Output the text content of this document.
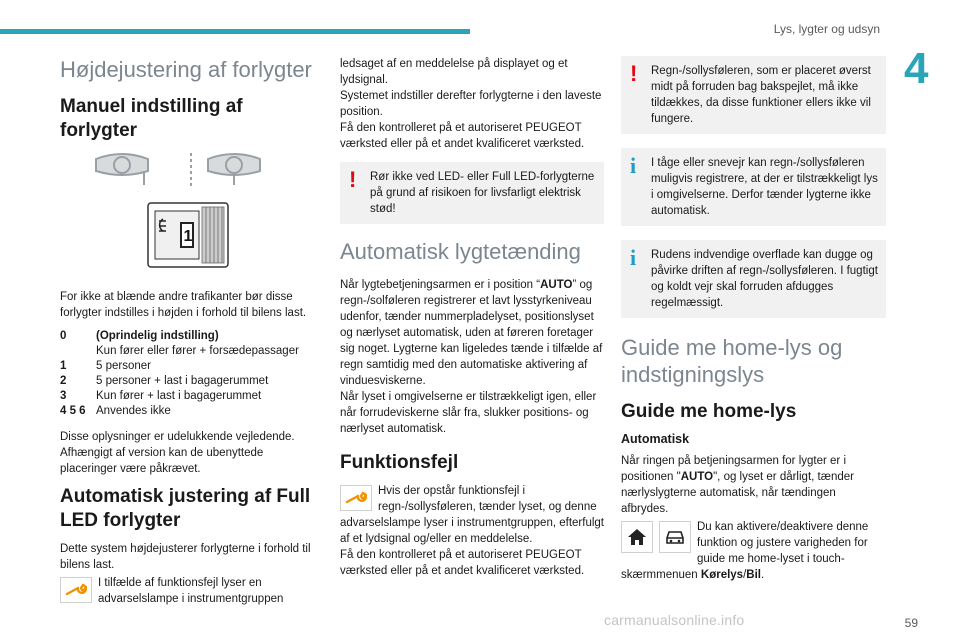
Lys, lygter og udsyn
4
Højdejustering af forlygter
Manuel indstilling af forlygter
1

For ikke at blænde andre trafikanter bør disse forlygter indstilles i højden i forhold til bilens last.

0	(Oprindelig indstilling)
Kun fører eller fører + forsædepassager
1	5 personer
2	5 personer + last i bagagerummet
3	Kun fører + last i bagagerummet
4 5 6 Anvendes ikke

Disse oplysninger er udelukkende vejledende. Afhængigt af version kan de ubenyttede placeringer være påkrævet.

Automatisk justering af Full LED forlygter

Dette system højdejusterer forlygterne i forhold til bilens last.

I tilfælde af funktionsfejl lyser en advarselslampe i instrumentgruppen

ledsaget af en meddelelse på displayet og et lydsignal.

Systemet indstiller derefter forlygterne i den laveste position.

Få den kontrolleret på et autoriseret PEUGEOT værksted eller på et andet kvalificeret værksted.

! Rør ikke ved LED- eller Full LED-forlygterne på grund af risikoen for livsfarligt elektrisk stød!

Automatisk lygtetænding

Når lygtebetjeningsarmen er i position “AUTO” og regn-/solføleren registrerer et lavt lysstyrkeniveau udenfor, tænder nummerpladelyset, positionslyset og nærlyset automatisk, uden at føreren foretager sig noget. Lygterne kan ligeledes tænde i tilfælde af regn samtidig med den automatiske aktivering af vinduesviskerne.

Når lyset i omgivelserne er tilstrækkeligt igen, eller når forrudeviskerne slår fra, slukker positions- og nærlyset automatisk.

Funktionsfejl

Hvis der opstår funktionsfejl i regn-/sollysføleren, tænder lyset, og denne advarselslampe lyser i instrumentgruppen, efterfulgt af et lydsignal og/eller en meddelelse.

Få den kontrolleret på et autoriseret PEUGEOT værksted eller på et andet kvalificeret værksted.

! Regn-/sollysføleren, som er placeret øverst midt på forruden bag bakspejlet, må ikke tildækkes, da disse funktioner ellers ikke vil fungere.

i I tåge eller snevejr kan regn-/sollysføleren muligvis registrere, at der er tilstrækkeligt lys i omgivelserne. Derfor tænder lygterne ikke automatisk.

i Rudens indvendige overflade kan dugge og påvirke driften af regn-/sollysføleren. I fugtigt og koldt vejr skal forruden afdugges regelmæssigt.

Guide me home-lys og indstigningslys
Guide me home-lys
Automatisk

Når ringen på betjeningsarmen for lygter er i positionen "AUTO", og lyset er dårligt, tænder nærlyslygterne automatisk, når tændingen afbrydes.

Du kan aktivere/deaktivere denne funktion og justere varigheden for guide me home-lyset i touch-skærmmenuen Kørelys/Bil.

carmanualsonline.info	59
